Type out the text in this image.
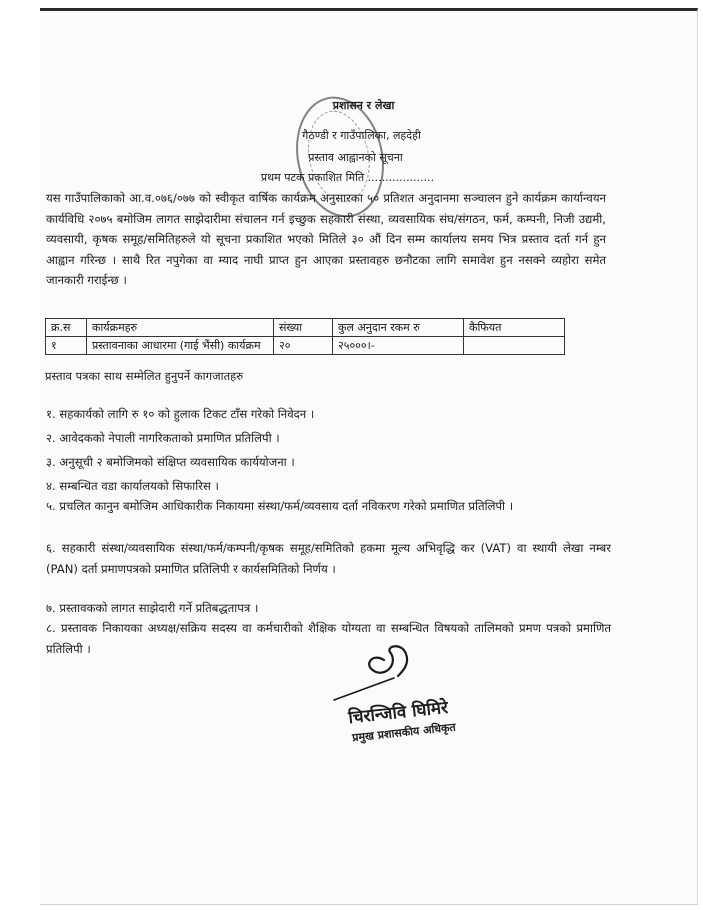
प्रशासन र लेखा
गैठण्डी र गाउँपालिका, लहदेही
प्रस्ताव आह्वानको सूचना
प्रथम पटक प्रकाशित मिति ...................
यस गाउँपालिकाको आ.व.०७६/०७७ को स्वीकृत वार्षिक कार्यक्रम अनुसारका ५० प्रतिशत अनुदानमा सञ्चालन हुने कार्यक्रम कार्यान्वयन कार्यविधि २०७५ बमोजिम लागत साझेदारीमा संचालन गर्न इच्छुक सहकारी संस्था, व्यवसायिक संघ/संगठन, फर्म, कम्पनी, निजी उद्यमी, व्यवसायी, कृषक समूह/समितिहरुले यो सूचना प्रकाशित भएको मितिले ३० औं दिन सम्म कार्यालय समय भित्र प्रस्ताव दर्ता गर्न हुन आह्वान गरिन्छ । साथै रित नपुगेका वा म्याद नाघी प्राप्त हुन आएका प्रस्तावहरु छनौटका लागि समावेश हुन नसक्ने व्यहोरा समेत जानकारी गराईन्छ ।
क्र.स	कार्यक्रमहरु	संख्या	कुल अनुदान रकम रु	कैफियत
१	प्रस्तावनाका आधारमा (गाई भैंसी) कार्यक्रम	२०	२५०००।-	
प्रस्ताव पत्रका साथ सम्मेलित हुनुपर्ने कागजातहरु
१. सहकार्यको लागि रु १० को हुलाक टिकट टाँस गरेको निवेदन ।
२. आवेदकको नेपाली नागरिकताको प्रमाणित प्रतिलिपी ।
३. अनुसूची २ बमोजिमको संक्षिप्त व्यवसायिक कार्ययोजना ।
४. सम्बन्धित वडा कार्यालयको सिफारिस ।
५. प्रचलित कानुन बमोजिम आधिकारीक निकायमा संस्था/फर्म/व्यवसाय दर्ता नविकरण गरेको प्रमाणित प्रतिलिपी ।
६. सहकारी संस्था/व्यवसायिक संस्था/फर्म/कम्पनी/कृषक समूह/समितिको हकमा मूल्य अभिवृद्धि कर (VAT) वा स्थायी लेखा नम्बर (PAN) दर्ता प्रमाणपत्रको प्रमाणित प्रतिलिपी र कार्यसमितिको निर्णय ।
७. प्रस्तावकको लागत साझेदारी गर्ने प्रतिबद्धतापत्र ।
८. प्रस्तावक निकायका अध्यक्ष/सक्रिय सदस्य वा कर्मचारीको शैक्षिक योग्यता वा सम्बन्धित विषयको तालिमको प्रमण पत्रको प्रमाणित प्रतिलिपी ।
चिरन्जिवि घिमिरे
प्रमुख प्रशासकीय अधिकृत
